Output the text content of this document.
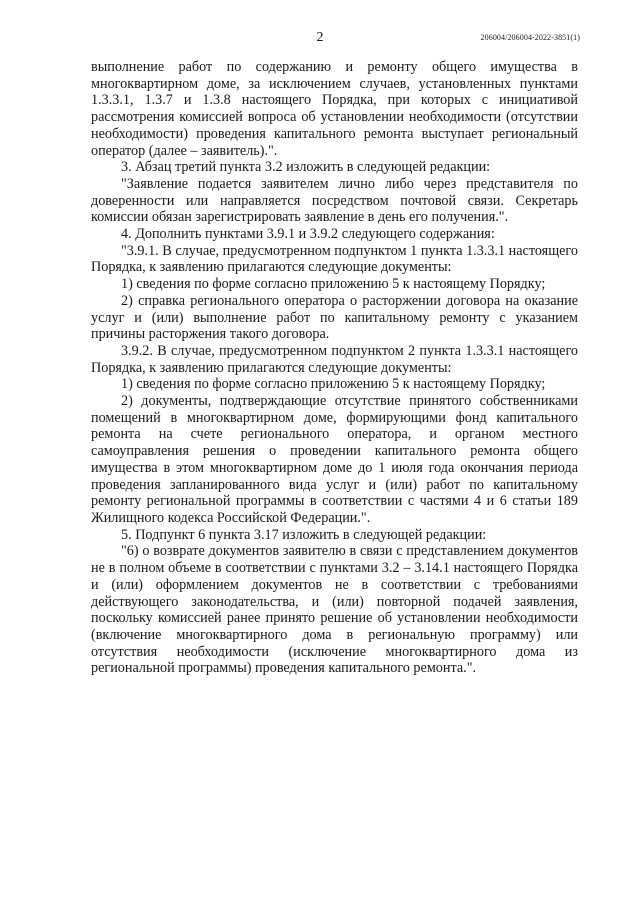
2	206004/206004-2022-3851(1)

выполнение работ по содержанию и ремонту общего имущества в многоквартирном доме, за исключением случаев, установленных пунктами 1.3.3.1, 1.3.7 и 1.3.8 настоящего Порядка, при которых с инициативой рассмотрения комиссией вопроса об установлении необходимости (отсутствии необходимости) проведения капитального ремонта выступает региональный оператор (далее – заявитель).".

3. Абзац третий пункта 3.2 изложить в следующей редакции:

"Заявление подается заявителем лично либо через представителя по доверенности или направляется посредством почтовой связи. Секретарь комиссии обязан зарегистрировать заявление в день его получения.".

4. Дополнить пунктами 3.9.1 и 3.9.2 следующего содержания:

"3.9.1. В случае, предусмотренном подпунктом 1 пункта 1.3.3.1 настоящего Порядка, к заявлению прилагаются следующие документы:

1) сведения по форме согласно приложению 5 к настоящему Порядку;

2) справка регионального оператора о расторжении договора на оказание услуг и (или) выполнение работ по капитальному ремонту с указанием причины расторжения такого договора.

3.9.2. В случае, предусмотренном подпунктом 2 пункта 1.3.3.1 настоящего Порядка, к заявлению прилагаются следующие документы:

1) сведения по форме согласно приложению 5 к настоящему Порядку;

2) документы, подтверждающие отсутствие принятого собственниками помещений в многоквартирном доме, формирующими фонд капитального ремонта на счете регионального оператора, и органом местного самоуправления решения о проведении капитального ремонта общего имущества в этом многоквартирном доме до 1 июля года окончания периода проведения запланированного вида услуг и (или) работ по капитальному ремонту региональной программы в соответствии с частями 4 и 6 статьи 189 Жилищного кодекса Российской Федерации.".

5. Подпункт 6 пункта 3.17 изложить в следующей редакции:

"6) о возврате документов заявителю в связи с представлением документов не в полном объеме в соответствии с пунктами 3.2 – 3.14.1 настоящего Порядка и (или) оформлением документов не в соответствии с требованиями действующего законодательства, и (или) повторной подачей заявления, поскольку комиссией ранее принято решение об установлении необходимости (включение многоквартирного дома в региональную программу) или отсутствия необходимости (исключение многоквартирного дома из региональной программы) проведения капитального ремонта.".
